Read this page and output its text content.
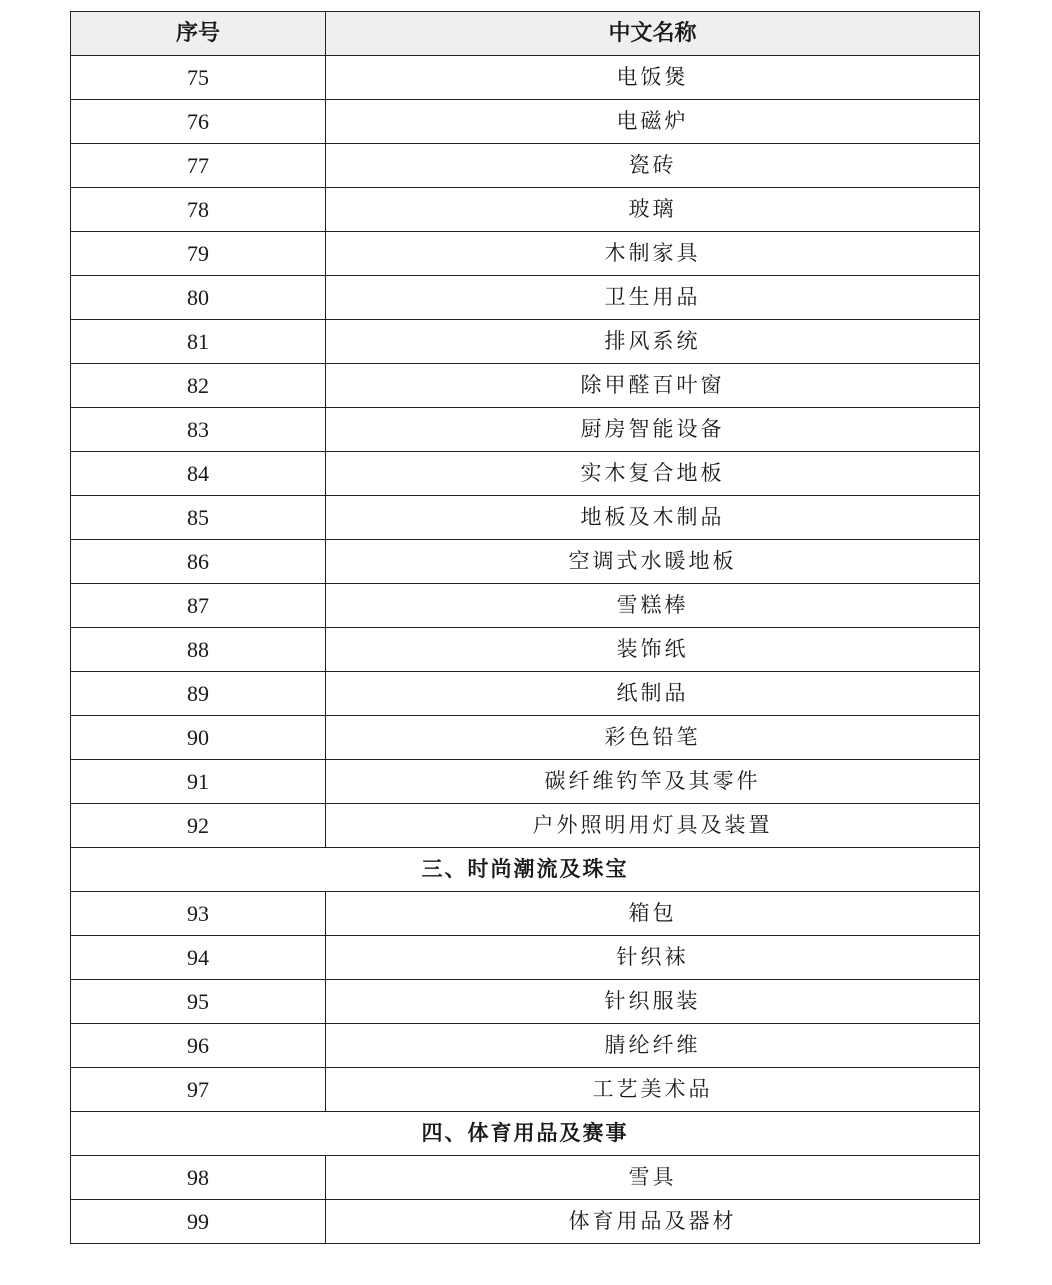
序号	中文名称
75	电饭煲
76	电磁炉
77	瓷砖
78	玻璃
79	木制家具
80	卫生用品
81	排风系统
82	除甲醛百叶窗
83	厨房智能设备
84	实木复合地板
85	地板及木制品
86	空调式水暖地板
87	雪糕棒
88	装饰纸
89	纸制品
90	彩色铅笔
91	碳纤维钓竿及其零件
92	户外照明用灯具及装置
三、时尚潮流及珠宝	
93	箱包
94	针织袜
95	针织服装
96	腈纶纤维
97	工艺美术品
四、体育用品及赛事	
98	雪具
99	体育用品及器材
